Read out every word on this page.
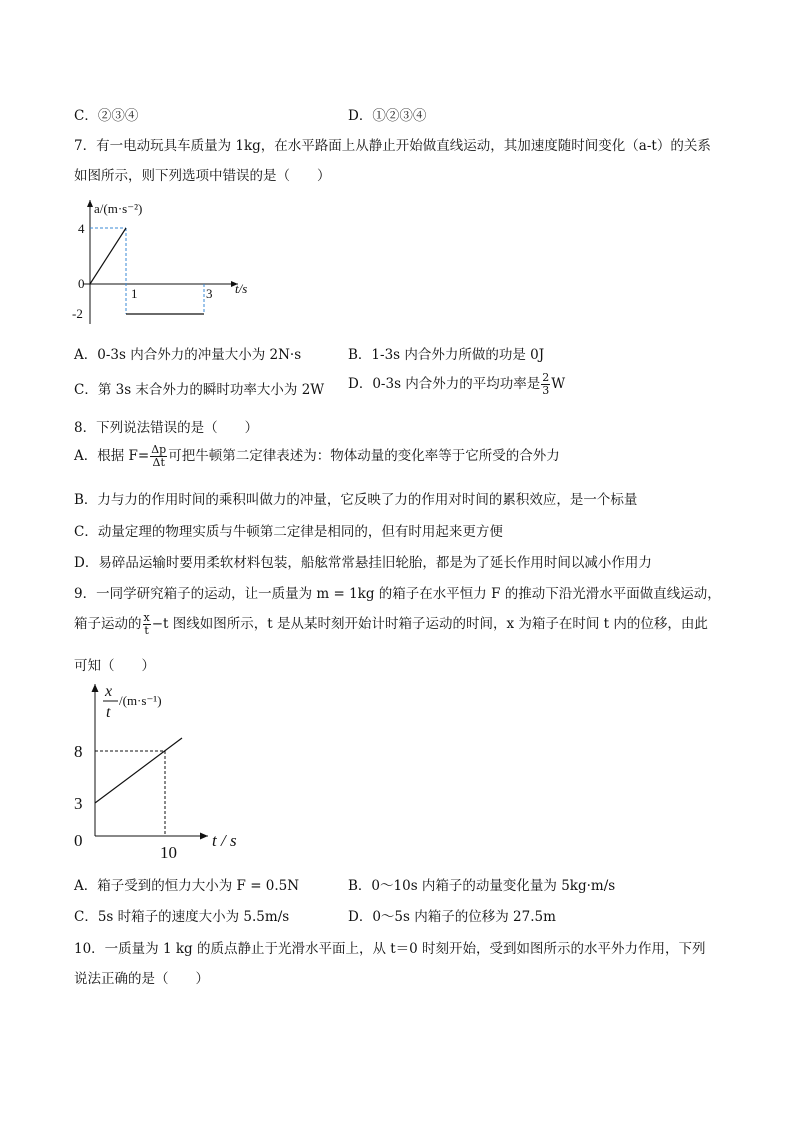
C．②③④	D．①②③④
7．有一电动玩具车质量为 1kg，在水平路面上从静止开始做直线运动，其加速度随时间变化（a-t）的关系
如图所示，则下列选项中错误的是（　　）
a/(m·s⁻²)
t/s
4
0
-2
1	3
A．0-3s 内合外力的冲量大小为 2N·s	B．1-3s 内合外力所做的功是 0J
C．第 3s 末合外力的瞬时功率大小为 2W D．0-3s 内合外力的平均功率是 $\frac{2}{3}$ W
8．下列说法错误的是（　　）
A．根据 $F= \frac{\Delta p}{\Delta t}$ 可把牛顿第二定律表述为：物体动量的变化率等于它所受的合外力
B．力与力的作用时间的乘积叫做力的冲量，它反映了力的作用对时间的累积效应，是一个标量
C．动量定理的物理实质与牛顿第二定律是相同的，但有时用起来更方便
D．易碎品运输时要用柔软材料包装，船舷常常悬挂旧轮胎，都是为了延长作用时间以减小作用力
9．一同学研究箱子的运动，让一质量为 m = 1kg 的箱子在水平恒力 F 的推动下沿光滑水平面做直线运动，
箱子运动的 $\frac{x}{t} -t$ 图线如图所示，t 是从某时刻开始计时箱子运动的时间，x 为箱子在时间 t 内的位移，由此
可知（　　）
x
t
/(m·s⁻¹)
t / s
8
3
0
10
A．箱子受到的恒力大小为 F = 0.5N	B．0～10s 内箱子的动量变化量为 5kg·m/s
C．5s 时箱子的速度大小为 5.5m/s	D．0～5s 内箱子的位移为 27.5m
10．一质量为 1 kg 的质点静止于光滑水平面上，从 t＝0 时刻开始，受到如图所示的水平外力作用，下列
说法正确的是（　　）
